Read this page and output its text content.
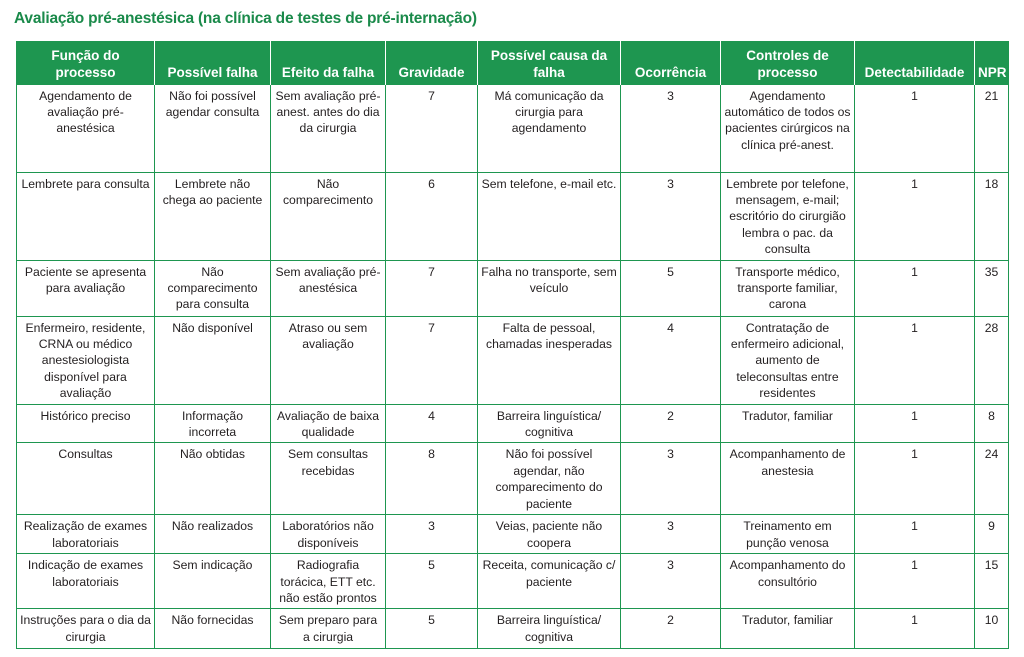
Avaliação pré-anestésica (na clínica de testes de pré-internação)
Função do processo	Possível falha	Efeito da falha	Gravidade	Possível causa da falha	Ocorrência	Controles de processo	Detectabilidade	NPR
Agendamento de avaliação pré-anestésica	Não foi possível agendar consulta	Sem avaliação pré-anest. antes do dia da cirurgia	7	Má comunicação da cirurgia para agendamento	3	Agendamento automático de todos os pacientes cirúrgicos na clínica pré-anest.	1	21
Lembrete para consulta	Lembrete não chega ao paciente	Não comparecimento	6	Sem telefone, e-mail etc.	3	Lembrete por telefone, mensagem, e-mail; escritório do cirurgião lembra o pac. da consulta	1	18
Paciente se apresenta para avaliação	Não comparecimento para consulta	Sem avaliação pré-anestésica	7	Falha no transporte, sem veículo	5	Transporte médico, transporte familiar, carona	1	35
Enfermeiro, residente, CRNA ou médico anestesiologista disponível para avaliação	Não disponível	Atraso ou sem avaliação	7	Falta de pessoal, chamadas inesperadas	4	Contratação de enfermeiro adicional, aumento de teleconsultas entre residentes	1	28
Histórico preciso	Informação incorreta	Avaliação de baixa qualidade	4	Barreira linguística/ cognitiva	2	Tradutor, familiar	1	8
Consultas	Não obtidas	Sem consultas recebidas	8	Não foi possível agendar, não comparecimento do paciente	3	Acompanhamento de anestesia	1	24
Realização de exames laboratoriais	Não realizados	Laboratórios não disponíveis	3	Veias, paciente não coopera	3	Treinamento em punção venosa	1	9
Indicação de exames laboratoriais	Sem indicação	Radiografia torácica, ETT etc. não estão prontos	5	Receita, comunicação c/ paciente	3	Acompanhamento do consultório	1	15
Instruções para o dia da cirurgia	Não fornecidas	Sem preparo para a cirurgia	5	Barreira linguística/ cognitiva	2	Tradutor, familiar	1	10
